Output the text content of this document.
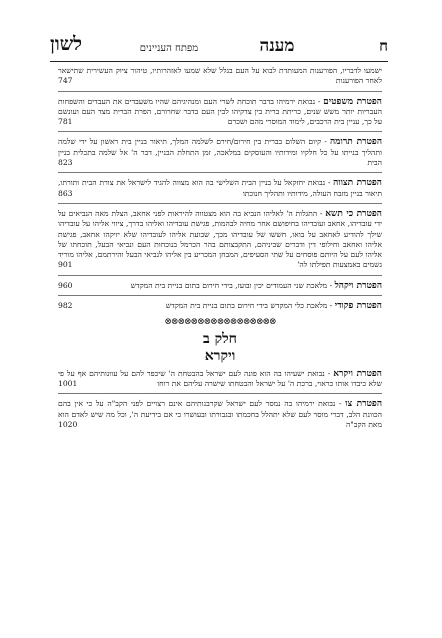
ח
מענה
מפתח העניינים
לשון
ישמעו לדבריו, הפורענות המעותדת לבוא על העם בגלל שלא שמעו לאזהרותיו, טיהור ציוק העשירית שתישאר לאחר הפורענות
747
הפטרת משפטים - נבואת ירמיהו בדבר תוכחת לשרי העם ומנהיגיהם שהיו משעבדים את העבדים והשפחות העבריות יותר משש שנים, כריתת ברית בין צדקיהו לבין העם בדבר שחרורם, הפרת הברית מצד העם ועונשם על כך, עניין בית הרכבים, לימוד המוסרי מהם ושכרם
781
הפטרת תרומה - קיום השלום בברית בין חירום/חירם לשלמה המלך, תיאור בניין בית ראשון על ידי שלמה ותהליך בנייתו על כל חלקיו ומידותיו והעוסקים במלאכה, זמן התחלת הבניין, דבר ה' אל שלמה בתכלית בניין הבית
823
הפטרת תצווה - נבואת יחזקאל על בניין הבית השלישי בה הוא מצווה להגיד לישראל את צורת הבית ותורתו, תיאור בניין מזבח העולה, מידותיו ותהליך חנוכתו
863
הפטרת כי תשא - התגלות ה' לאליהו הנביא בה הוא מצטווה להיראות לפני אחאב, הצלת מאה הנביאים על ידי עובדיהו, אחאב ועובדיהו בחיפושם אחר מחיה לבהמות, פגישת עובדיהו ואליהו בדרך, ציווי אליהו על עובדיהו שילך להודיע לאחאב על בואו, חששו של עובדיהו מכך, שבועת אליהו לעובדיהו שלא יזיקהו אחאב, פגישת אליהו ואחאב וחילופי דין ודברים שביניהם, התקבצותם בהר הכרמל בנוכחות העם ונביאי הבעל, תוכחתו של אליהו לעם על היותם פוסחים על שתי הסעיפים, המבחן המכריע בין אליהו לנביאי הבעל והירתמם, אליהו מוריד גשמים באמצעות תפילתו לה'
901
הפטרת ויקהל - מלאכת שני העמודים יכין ובועז, בידי חירום בתום בניית בית המקדש
960
הפטרת פקודי - מלאכת כלי המקדש בידי חירום בתום בניית בית המקדש
982
⊗⊗⊗⊗⊗⊗⊗⊗⊗⊗⊗⊗⊗⊗⊗⊗⊗
חלק ב
ויקרא
הפטרת ויקרא - נבואת ישעיהו בה הוא פונה לעם ישראל בהבטחת ה' שיכפר להם על עוונותיהם אף על פי שלא כיבדו אותו כראוי, ברכת ה' על ישראל והבטחתו שישרה עליהם את רוחו
1001
הפטרת צו - נבואת ירמיהו בה נמסר לעם ישראל שקרבנותיהם אינם רצויים לפני הקב"ה על כי אין בהם הכוונת הלב, דברי מוסר לעם שלא יתהלל בחכמתו ובגבורתו ובעושרו כי אם בידיעת ה', וכל מה שיש לאדם הוא מאת הקב"ה
1020
